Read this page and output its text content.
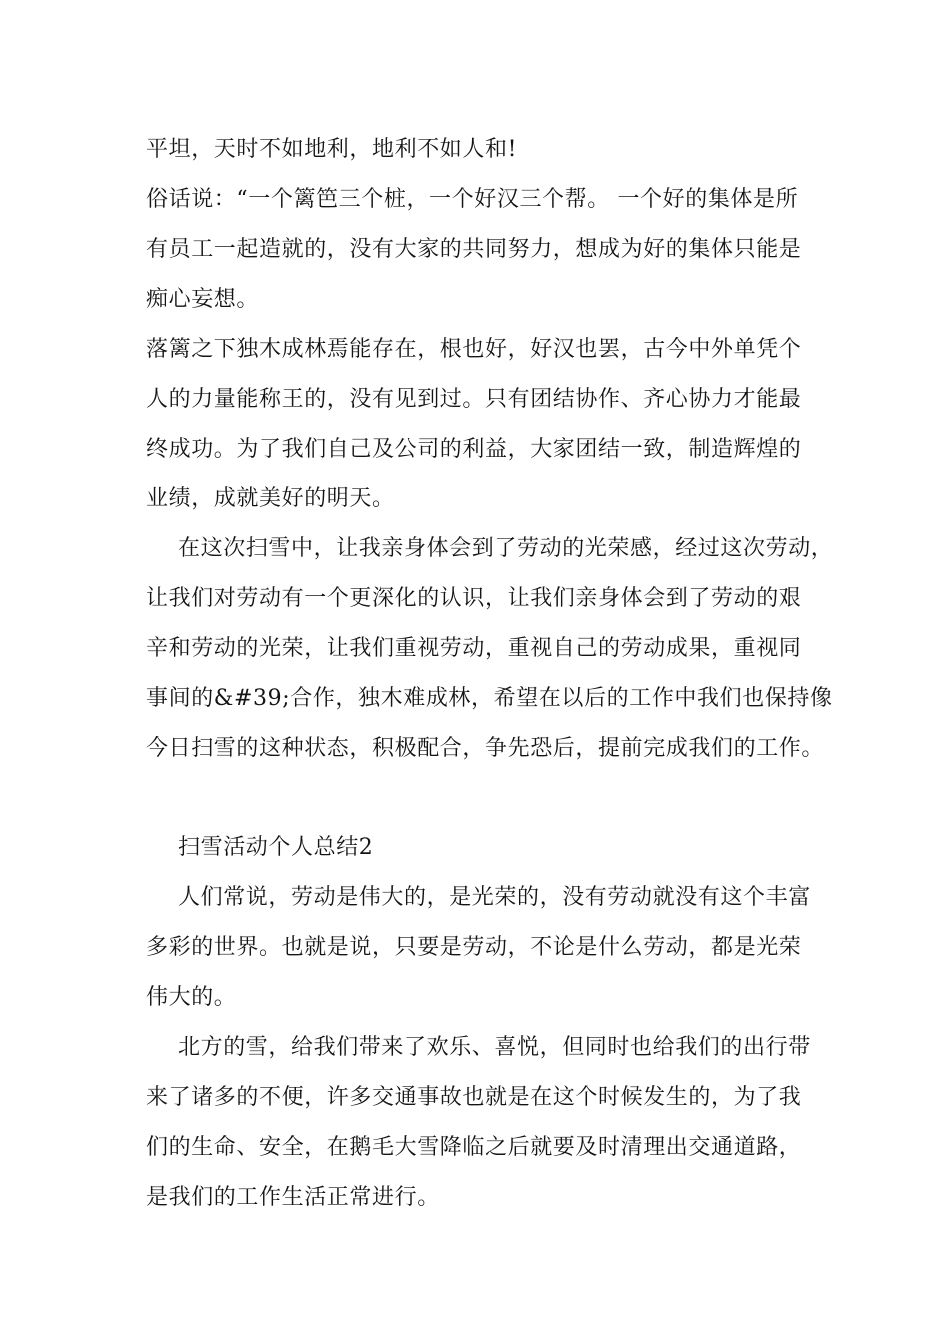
平坦，天时不如地利，地利不如人和!
俗话说：“一个篱笆三个桩，一个好汉三个帮。 一个好的集体是所
有员工一起造就的，没有大家的共同努力，想成为好的集体只能是
痴心妄想。
落篱之下独木成林焉能存在，根也好，好汉也罢，古今中外单凭个
人的力量能称王的，没有见到过。只有团结协作、齐心协力才能最
终成功。为了我们自己及公司的利益，大家团结一致，制造辉煌的
业绩，成就美好的明天。
在这次扫雪中，让我亲身体会到了劳动的光荣感，经过这次劳动，
让我们对劳动有一个更深化的认识，让我们亲身体会到了劳动的艰
辛和劳动的光荣，让我们重视劳动，重视自己的劳动成果，重视同
事间的&#39;合作，独木难成林，希望在以后的工作中我们也保持像
今日扫雪的这种状态，积极配合，争先恐后，提前完成我们的工作。
扫雪活动个人总结2
人们常说，劳动是伟大的，是光荣的，没有劳动就没有这个丰富
多彩的世界。也就是说，只要是劳动，不论是什么劳动，都是光荣
伟大的。
北方的雪，给我们带来了欢乐、喜悦，但同时也给我们的出行带
来了诸多的不便，许多交通事故也就是在这个时候发生的，为了我
们的生命、安全，在鹅毛大雪降临之后就要及时清理出交通道路，
是我们的工作生活正常进行。
